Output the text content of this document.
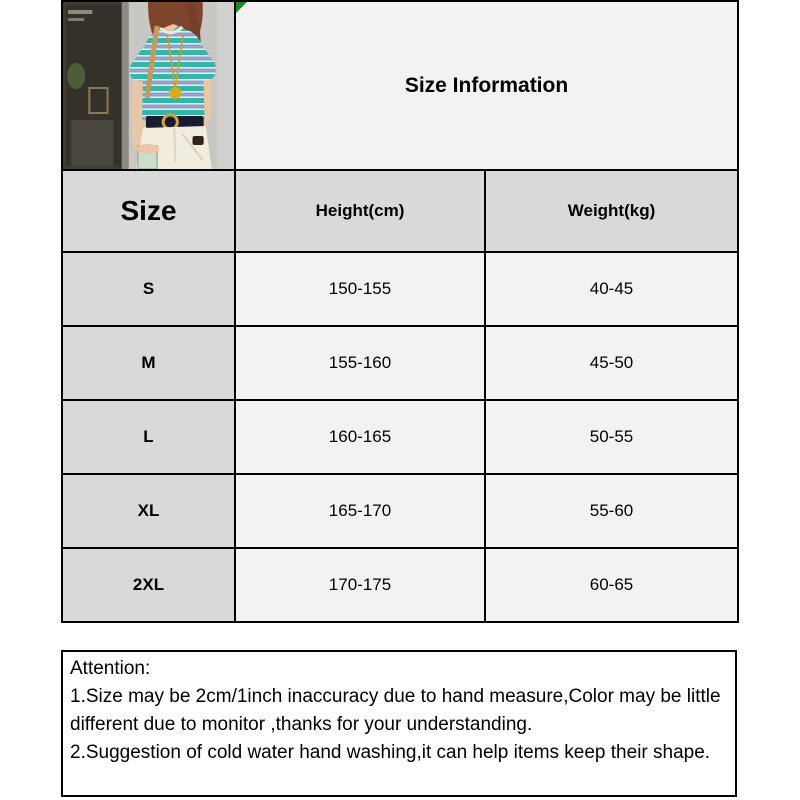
Size Information	
Size	Height(cm)	Weight(kg)
S	150-155	40-45
M	155-160	45-50
L	160-165	50-55
XL	165-170	55-60
2XL	170-175	60-65

Attention:

1.Size may be 2cm/1inch inaccuracy due to hand measure,Color may be little different due to monitor ,thanks for your understanding.

2.Suggestion of cold water hand washing,it can help items keep their shape.
